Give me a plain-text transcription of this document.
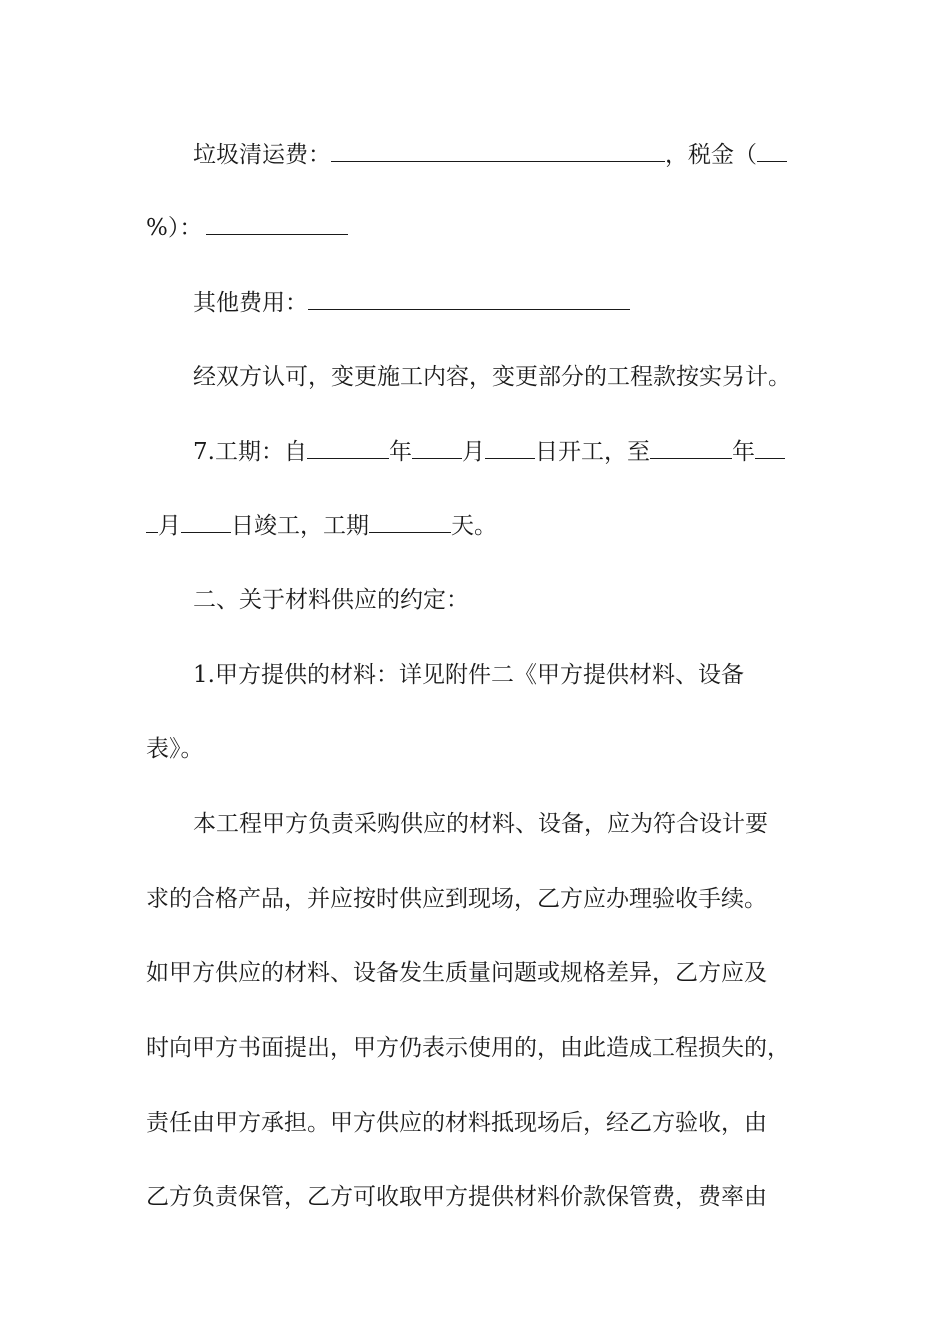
垃圾清运费：	，税金（
%）：
其他费用：
经双方认可，变更施工内容，变更部分的工程款按实另计。
7.工期：自	年 月 日开工，至	年
月 日竣工，工期	天。
二、关于材料供应的约定：
1.甲方提供的材料：详见附件二《甲方提供材料、设备
表》。
本工程甲方负责采购供应的材料、设备，应为符合设计要
求的合格产品，并应按时供应到现场，乙方应办理验收手续。
如甲方供应的材料、设备发生质量问题或规格差异，乙方应及
时向甲方书面提出，甲方仍表示使用的，由此造成工程损失的，
责任由甲方承担。甲方供应的材料抵现场后，经乙方验收，由
乙方负责保管，乙方可收取甲方提供材料价款保管费，费率由
